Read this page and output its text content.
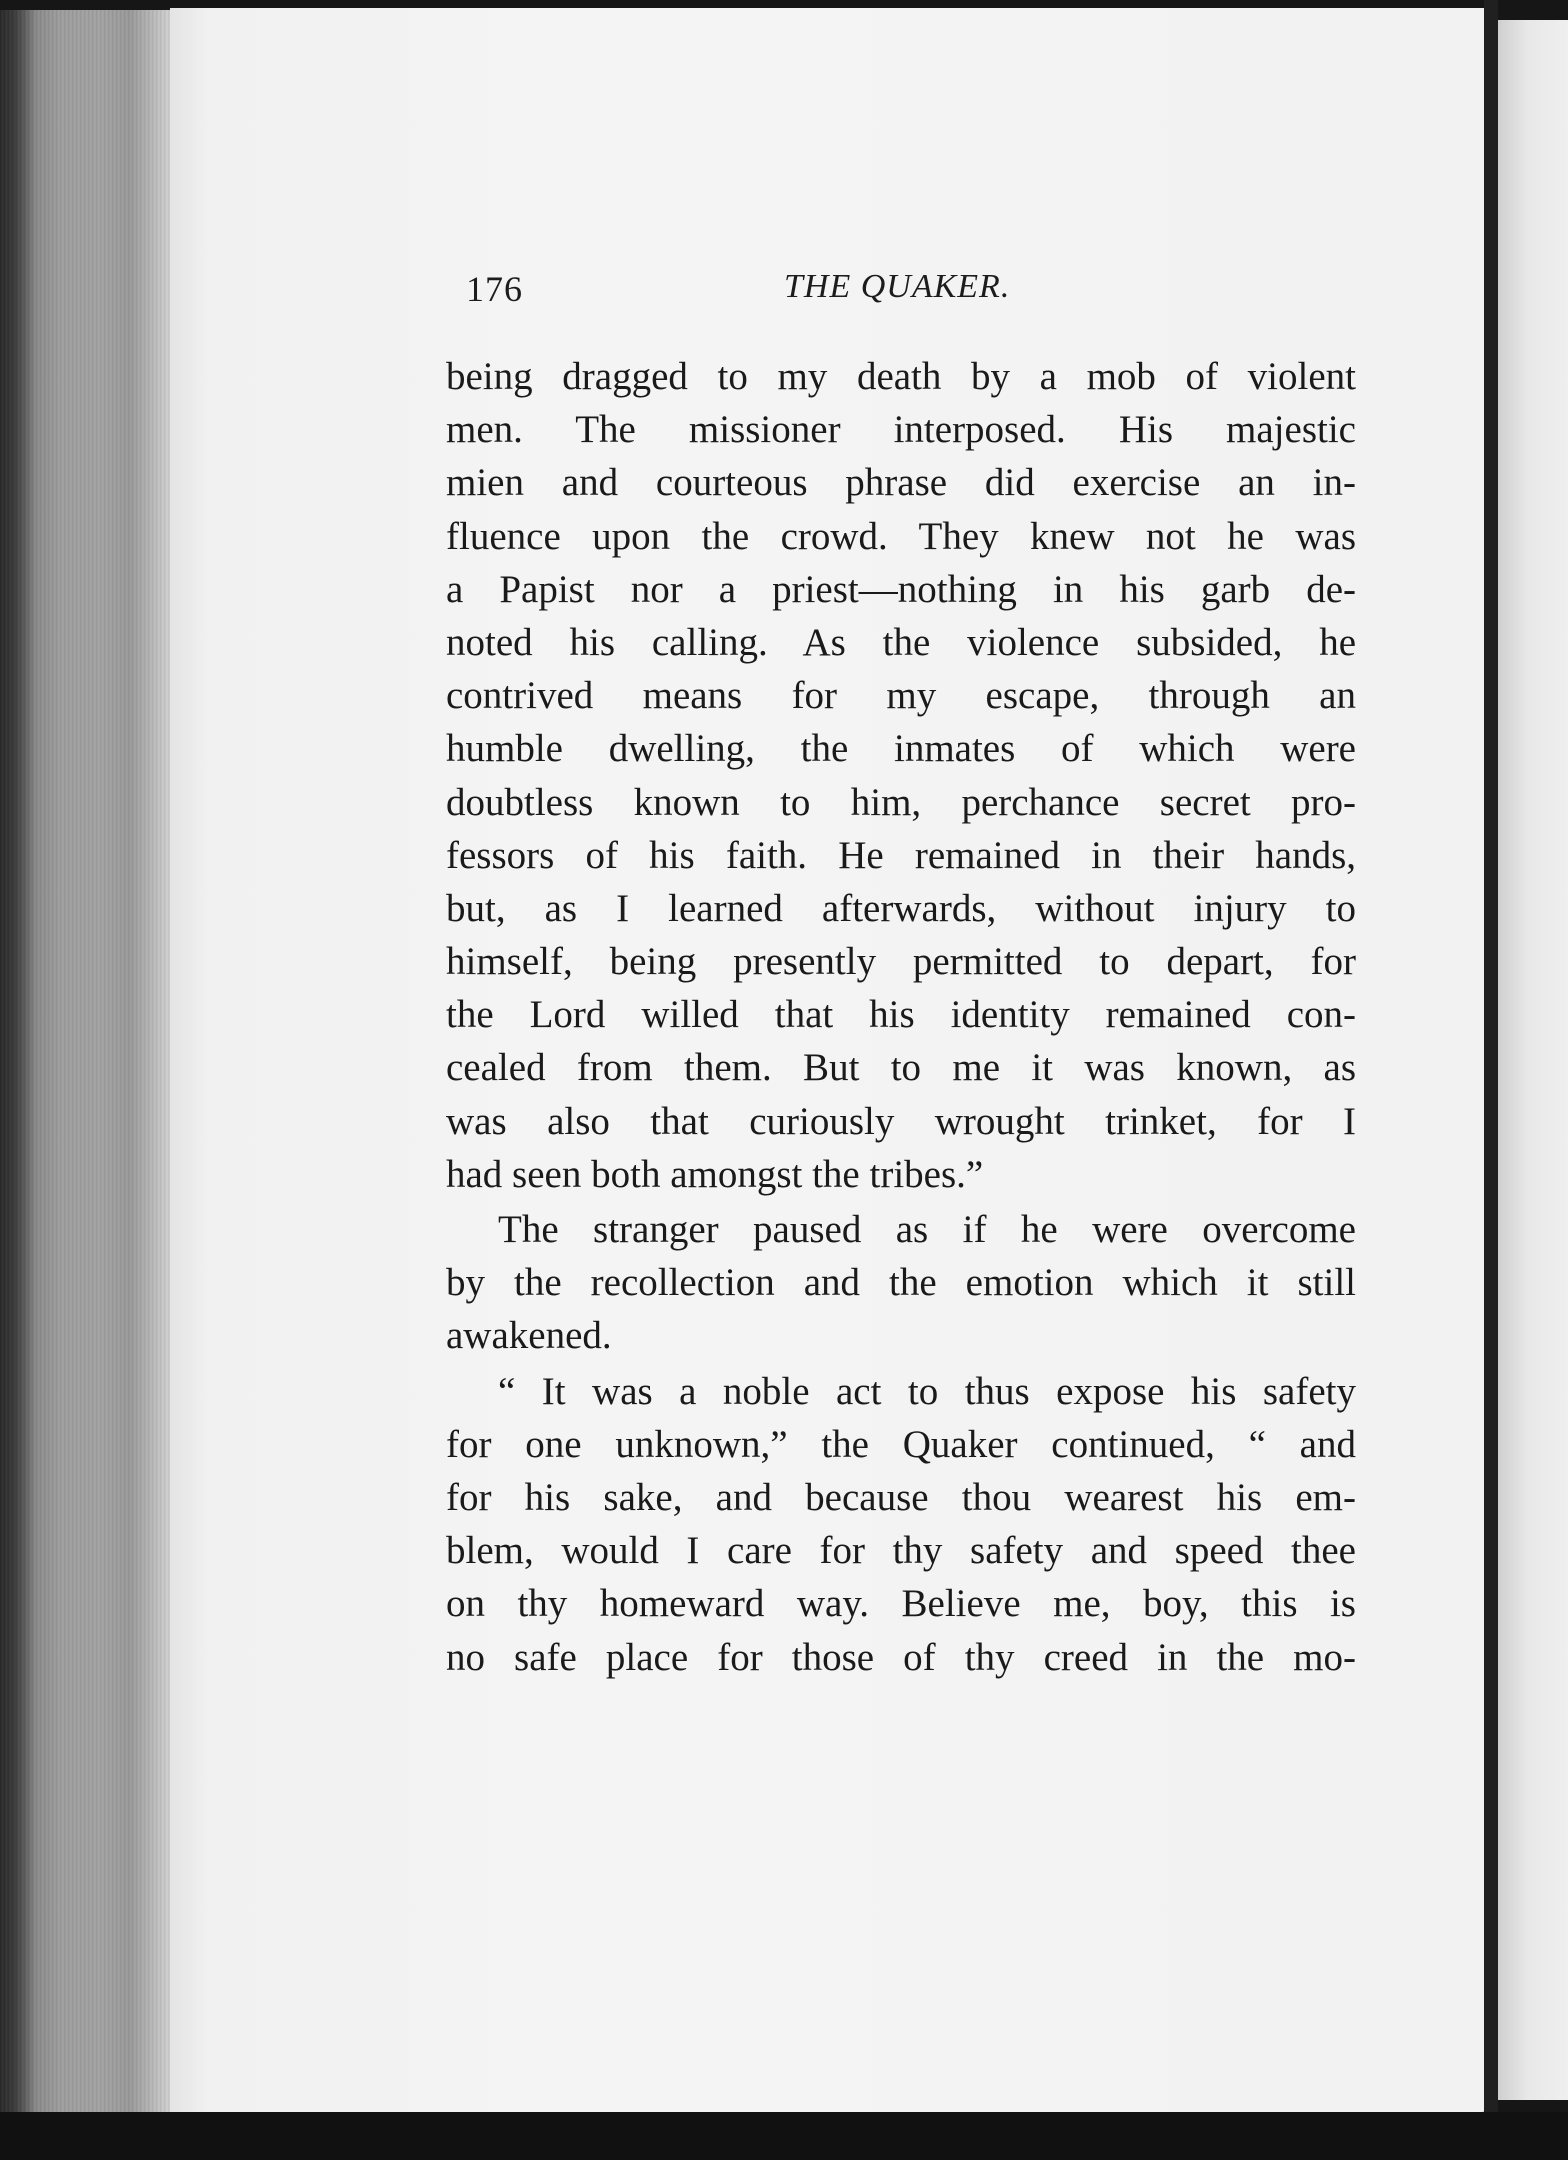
176	THE QUAKER.
being dragged to my death by a mob of violent
men. The missioner interposed. His majestic
mien and courteous phrase did exercise an in-
fluence upon the crowd. They knew not he was
a Papist nor a priest—nothing in his garb de-
noted his calling. As the violence subsided, he
contrived means for my escape, through an
humble dwelling, the inmates of which were
doubtless known to him, perchance secret pro-
fessors of his faith. He remained in their hands,
but, as I learned afterwards, without injury to
himself, being presently permitted to depart, for
the Lord willed that his identity remained con-
cealed from them. But to me it was known, as
was also that curiously wrought trinket, for I
had seen both amongst the tribes.”
The stranger paused as if he were overcome
by the recollection and the emotion which it still
awakened.
“ It was a noble act to thus expose his safety
for one unknown,” the Quaker continued, “ and
for his sake, and because thou wearest his em-
blem, would I care for thy safety and speed thee
on thy homeward way. Believe me, boy, this is
no safe place for those of thy creed in the mo-
